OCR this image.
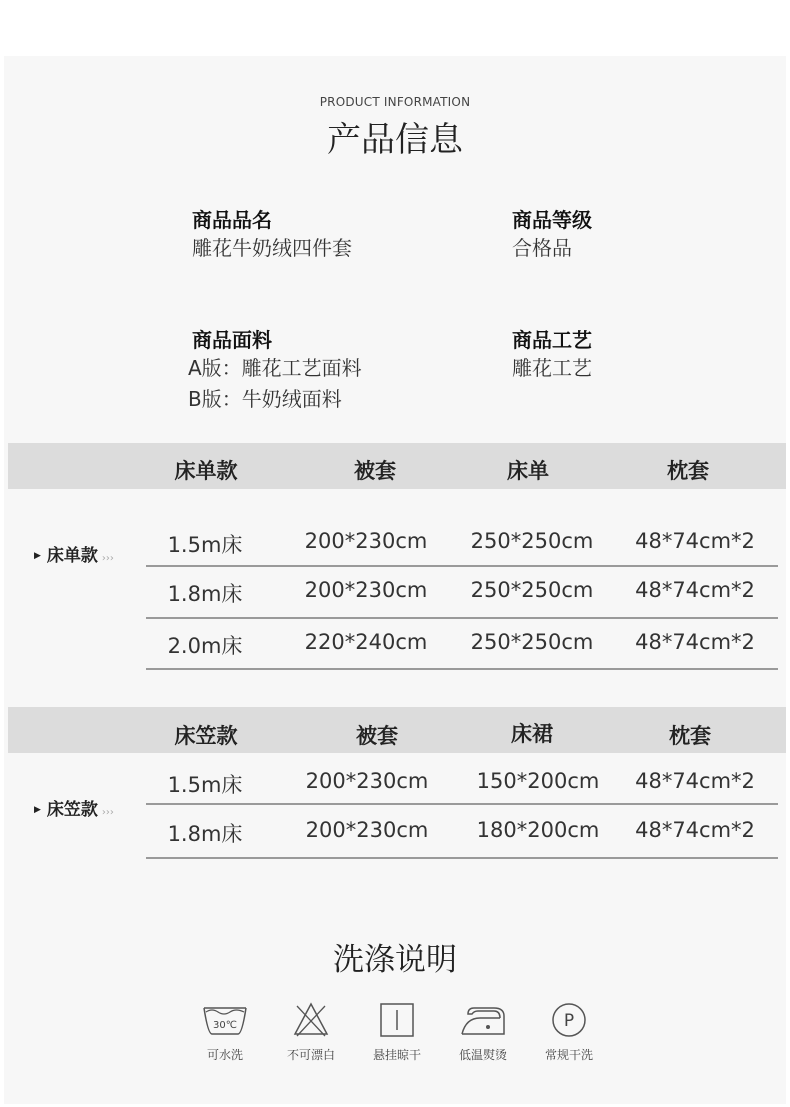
PRODUCT INFORMATION
产品信息
商品品名
雕花牛奶绒四件套
商品等级
合格品
商品面料
A版：雕花工艺面料
B版：牛奶绒面料
商品工艺
雕花工艺
床单款	被套	床单	枕套
▶ 床单款 ›››
1.5m床	200*230cm	250*250cm	48*74cm*2
1.8m床	200*230cm	250*250cm	48*74cm*2
2.0m床	220*240cm	250*250cm	48*74cm*2
床笠款	被套	床裙	枕套
▶ 床笠款 ›››
1.5m床	200*230cm	150*200cm	48*74cm*2
1.8m床	200*230cm	180*200cm	48*74cm*2
洗涤说明
30℃
可水洗	不可漂白	悬挂晾干	低温熨烫
P
常规干洗
